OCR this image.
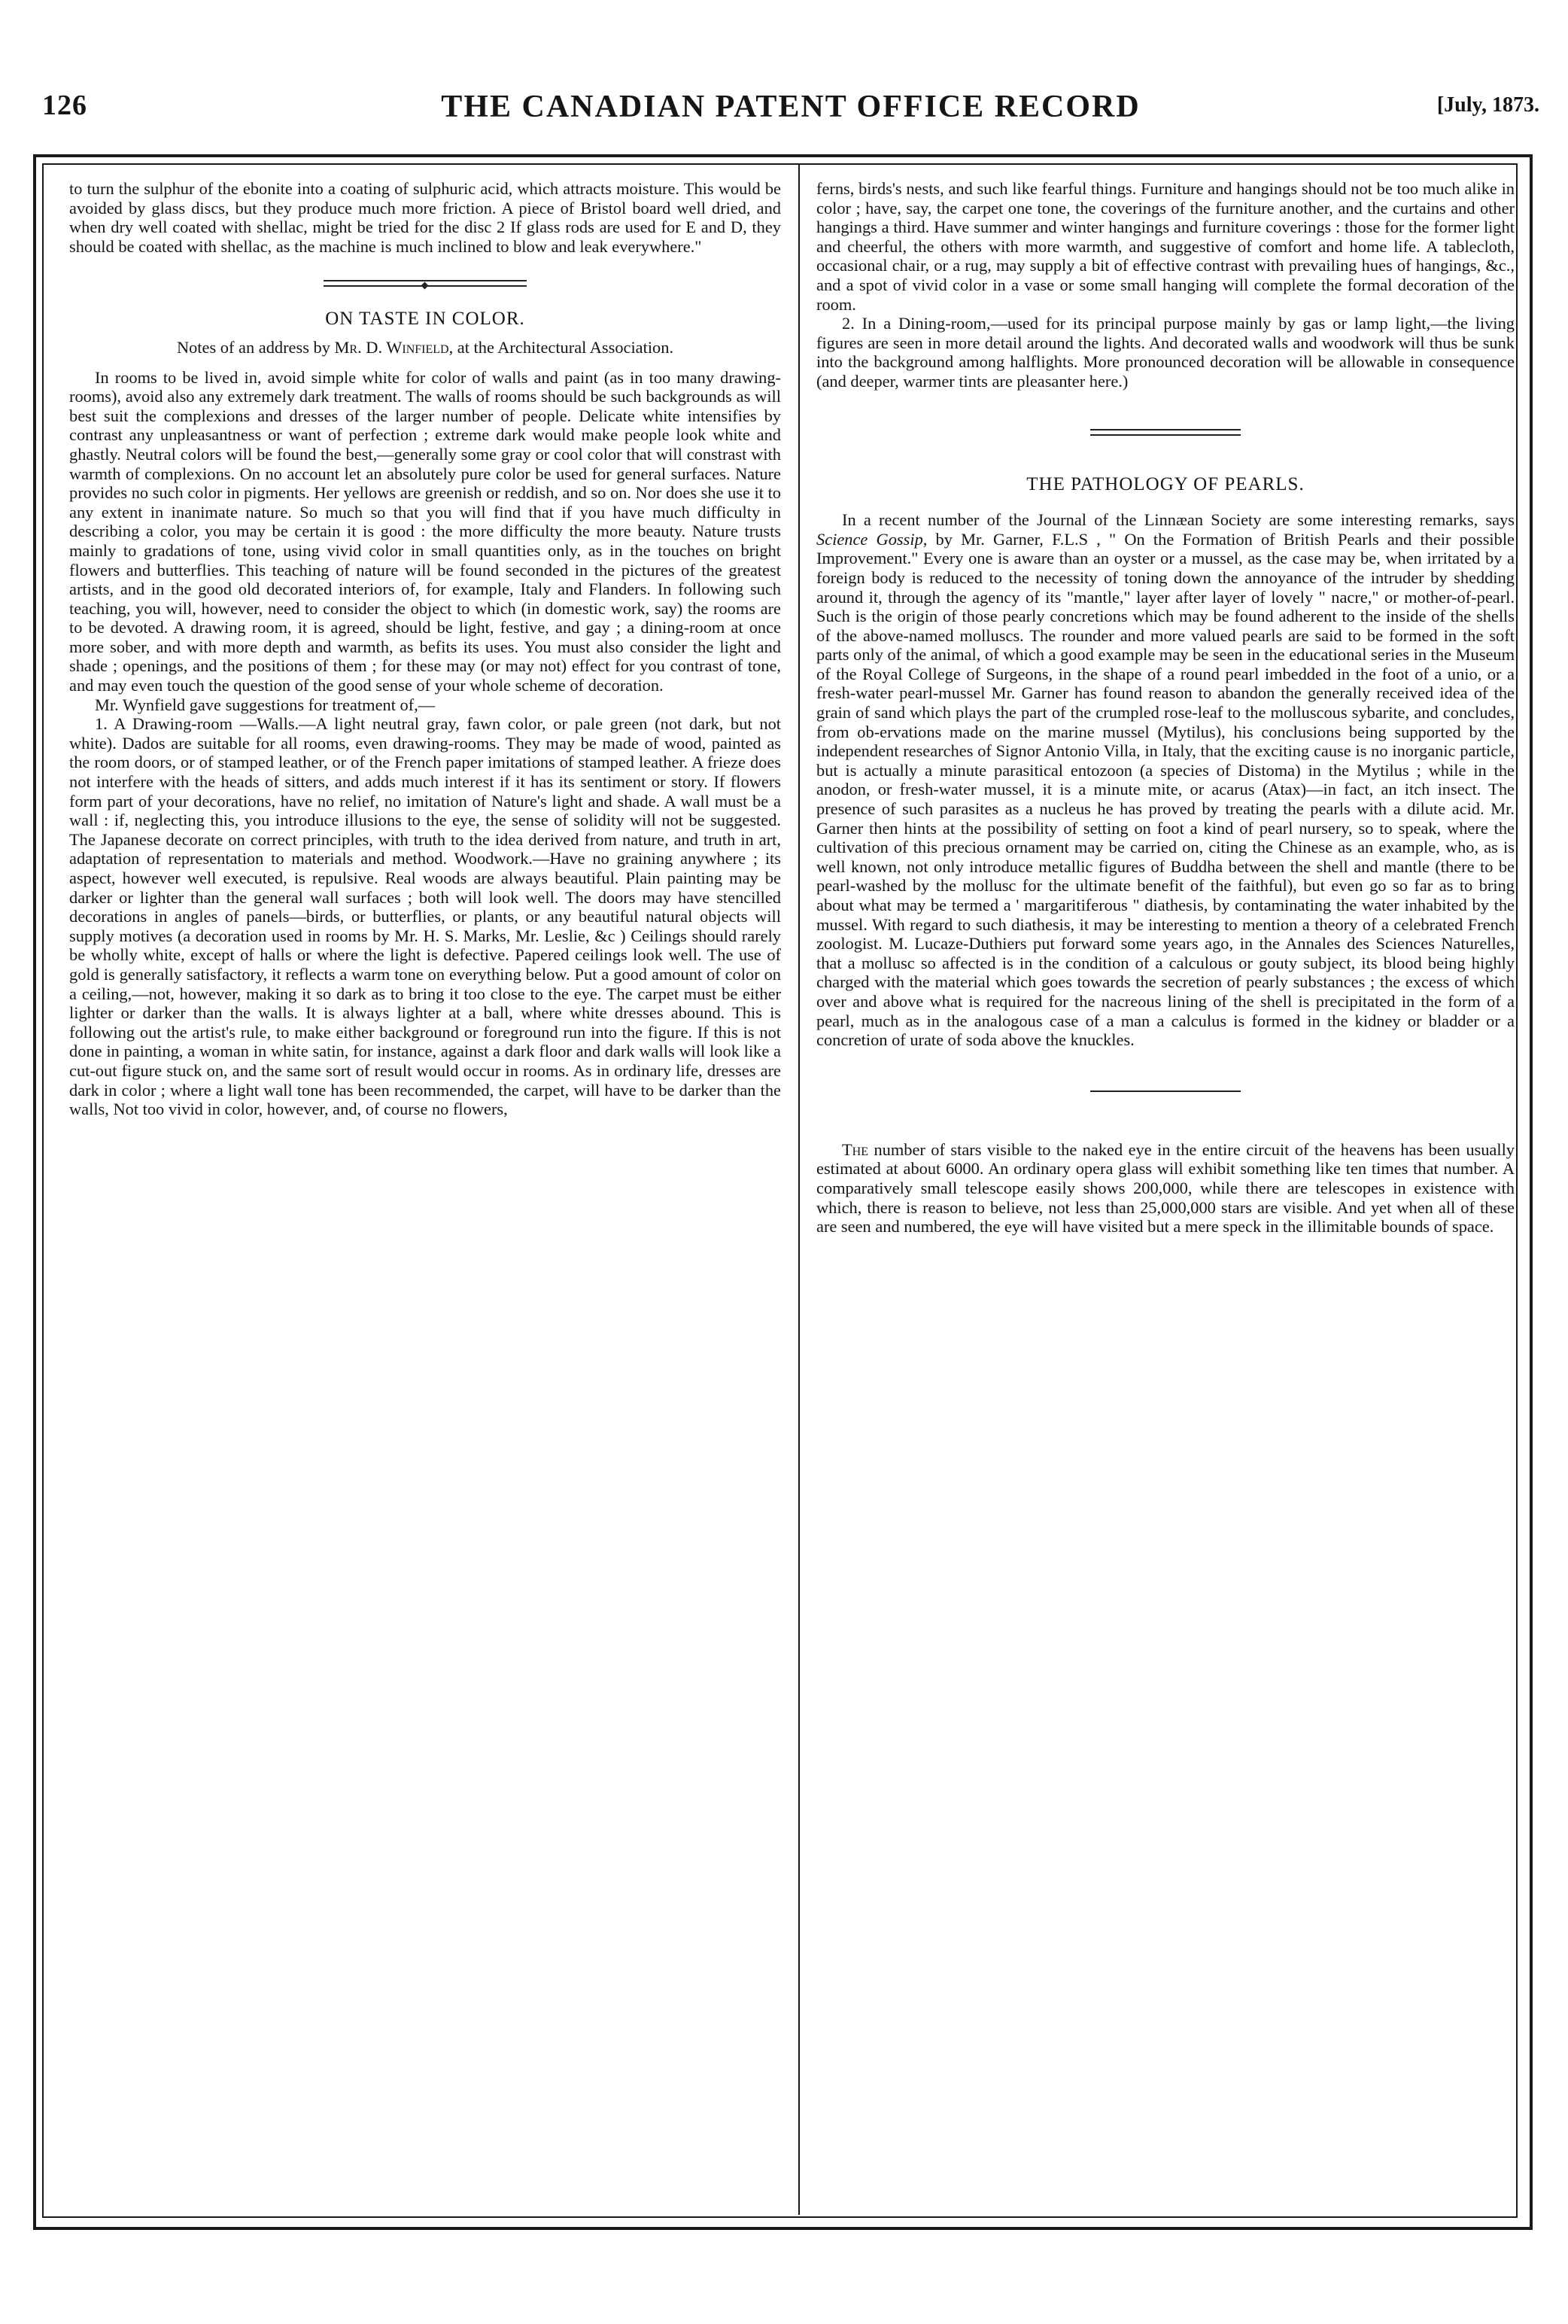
126	THE CANADIAN PATENT OFFICE RECORD	[July, 1873.

to turn the sulphur of the ebonite into a coating of sulphuric acid, which attracts moisture. This would be avoided by glass discs, but they produce much more friction. A piece of Bristol board well dried, and when dry well coated with shellac, might be tried for the disc 2 If glass rods are used for E and D, they should be coated with shellac, as the machine is much inclined to blow and leak everywhere."

ON TASTE IN COLOR.

Notes of an address by Mr. D. Winfield, at the Architectural Association.

In rooms to be lived in, avoid simple white for color of walls and paint (as in too many drawing-rooms), avoid also any extremely dark treatment. The walls of rooms should be such backgrounds as will best suit the complexions and dresses of the larger number of people. Delicate white intensifies by contrast any unpleasantness or want of perfection ; extreme dark would make people look white and ghastly. Neutral colors will be found the best,—generally some gray or cool color that will constrast with warmth of complexions. On no account let an absolutely pure color be used for general surfaces. Nature provides no such color in pigments. Her yellows are greenish or reddish, and so on. Nor does she use it to any extent in inanimate nature. So much so that you will find that if you have much difficulty in describing a color, you may be certain it is good : the more difficulty the more beauty. Nature trusts mainly to gradations of tone, using vivid color in small quantities only, as in the touches on bright flowers and butterflies. This teaching of nature will be found seconded in the pictures of the greatest artists, and in the good old decorated interiors of, for example, Italy and Flanders. In following such teaching, you will, however, need to consider the object to which (in domestic work, say) the rooms are to be devoted. A drawing room, it is agreed, should be light, festive, and gay ; a dining-room at once more sober, and with more depth and warmth, as befits its uses. You must also consider the light and shade ; openings, and the positions of them ; for these may (or may not) effect for you contrast of tone, and may even touch the question of the good sense of your whole scheme of decoration.

Mr. Wynfield gave suggestions for treatment of,—

1. A Drawing-room —Walls.—A light neutral gray, fawn color, or pale green (not dark, but not white). Dados are suitable for all rooms, even drawing-rooms. They may be made of wood, painted as the room doors, or of stamped leather, or of the French paper imitations of stamped leather. A frieze does not interfere with the heads of sitters, and adds much interest if it has its sentiment or story. If flowers form part of your decorations, have no relief, no imitation of Nature's light and shade. A wall must be a wall : if, neglecting this, you introduce illusions to the eye, the sense of solidity will not be suggested. The Japanese decorate on correct principles, with truth to the idea derived from nature, and truth in art, adaptation of representation to materials and method. Woodwork.—Have no graining anywhere ; its aspect, however well executed, is repulsive. Real woods are always beautiful. Plain painting may be darker or lighter than the general wall surfaces ; both will look well. The doors may have stencilled decorations in angles of panels—birds, or butterflies, or plants, or any beautiful natural objects will supply motives (a decoration used in rooms by Mr. H. S. Marks, Mr. Leslie, &c ) Ceilings should rarely be wholly white, except of halls or where the light is defective. Papered ceilings look well. The use of gold is generally satisfactory, it reflects a warm tone on everything below. Put a good amount of color on a ceiling,—not, however, making it so dark as to bring it too close to the eye. The carpet must be either lighter or darker than the walls. It is always lighter at a ball, where white dresses abound. This is following out the artist's rule, to make either background or foreground run into the figure. If this is not done in painting, a woman in white satin, for instance, against a dark floor and dark walls will look like a cut-out figure stuck on, and the same sort of result would occur in rooms. As in ordinary life, dresses are dark in color ; where a light wall tone has been recommended, the carpet, will have to be darker than the walls, Not too vivid in color, however, and, of course no flowers,

ferns, birds's nests, and such like fearful things. Furniture and hangings should not be too much alike in color ; have, say, the carpet one tone, the coverings of the furniture another, and the curtains and other hangings a third. Have summer and winter hangings and furniture coverings : those for the former light and cheerful, the others with more warmth, and suggestive of comfort and home life. A tablecloth, occasional chair, or a rug, may supply a bit of effective contrast with prevailing hues of hangings, &c., and a spot of vivid color in a vase or some small hanging will complete the formal decoration of the room.

2. In a Dining-room,—used for its principal purpose mainly by gas or lamp light,—the living figures are seen in more detail around the lights. And decorated walls and woodwork will thus be sunk into the background among halflights. More pronounced decoration will be allowable in consequence (and deeper, warmer tints are pleasanter here.)

THE PATHOLOGY OF PEARLS.

In a recent number of the Journal of the Linnæan Society are some interesting remarks, says Science Gossip, by Mr. Garner, F.L.S , " On the Formation of British Pearls and their possible Improvement." Every one is aware than an oyster or a mussel, as the case may be, when irritated by a foreign body is reduced to the necessity of toning down the annoyance of the intruder by shedding around it, through the agency of its "mantle," layer after layer of lovely " nacre," or mother-of-pearl. Such is the origin of those pearly concretions which may be found adherent to the inside of the shells of the above-named molluscs. The rounder and more valued pearls are said to be formed in the soft parts only of the animal, of which a good example may be seen in the educational series in the Museum of the Royal College of Surgeons, in the shape of a round pearl imbedded in the foot of a unio, or a fresh-water pearl-mussel Mr. Garner has found reason to abandon the generally received idea of the grain of sand which plays the part of the crumpled rose-leaf to the molluscous sybarite, and concludes, from ob-ervations made on the marine mussel (Mytilus), his conclusions being supported by the independent researches of Signor Antonio Villa, in Italy, that the exciting cause is no inorganic particle, but is actually a minute parasitical entozoon (a species of Distoma) in the Mytilus ; while in the anodon, or fresh-water mussel, it is a minute mite, or acarus (Atax)—in fact, an itch insect. The presence of such parasites as a nucleus he has proved by treating the pearls with a dilute acid. Mr. Garner then hints at the possibility of setting on foot a kind of pearl nursery, so to speak, where the cultivation of this precious ornament may be carried on, citing the Chinese as an example, who, as is well known, not only introduce metallic figures of Buddha between the shell and mantle (there to be pearl-washed by the mollusc for the ultimate benefit of the faithful), but even go so far as to bring about what may be termed a ' margaritiferous " diathesis, by contaminating the water inhabited by the mussel. With regard to such diathesis, it may be interesting to mention a theory of a celebrated French zoologist. M. Lucaze-Duthiers put forward some years ago, in the Annales des Sciences Naturelles, that a mollusc so affected is in the condition of a calculous or gouty subject, its blood being highly charged with the material which goes towards the secretion of pearly substances ; the excess of which over and above what is required for the nacreous lining of the shell is precipitated in the form of a pearl, much as in the analogous case of a man a calculus is formed in the kidney or bladder or a concretion of urate of soda above the knuckles.

The number of stars visible to the naked eye in the entire circuit of the heavens has been usually estimated at about 6000. An ordinary opera glass will exhibit something like ten times that number. A comparatively small telescope easily shows 200,000, while there are telescopes in existence with which, there is reason to believe, not less than 25,000,000 stars are visible. And yet when all of these are seen and numbered, the eye will have visited but a mere speck in the illimitable bounds of space.
